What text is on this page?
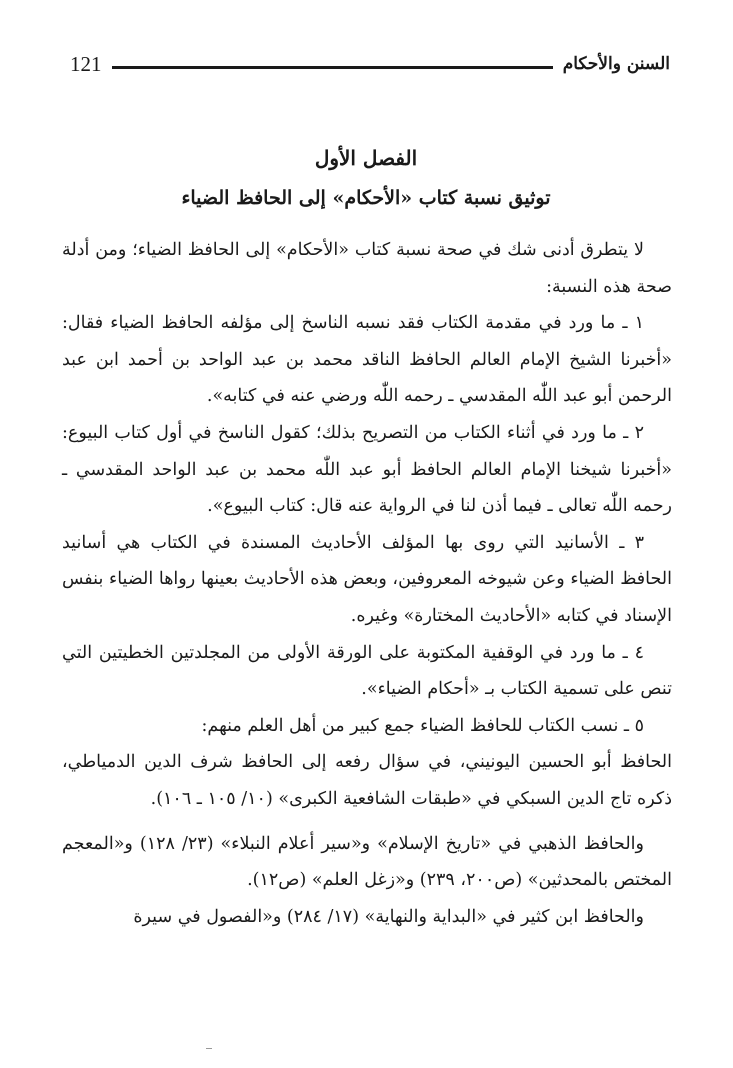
121	السنن والأحكام
الفصل الأول
توثيق نسبة كتاب «الأحكام» إلى الحافظ الضياء

لا يتطرق أدنى شك في صحة نسبة كتاب «الأحكام» إلى الحافظ الضياء؛ ومن أدلة صحة هذه النسبة:

١ ـ ما ورد في مقدمة الكتاب فقد نسبه الناسخ إلى مؤلفه الحافظ الضياء فقال: «أخبرنا الشيخ الإمام العالم الحافظ الناقد محمد بن عبد الواحد بن أحمد ابن عبد الرحمن أبو عبد اللّٰه المقدسي ـ رحمه اللّٰه ورضي عنه في كتابه».

٢ ـ ما ورد في أثناء الكتاب من التصريح بذلك؛ كقول الناسخ في أول كتاب البيوع: «أخبرنا شيخنا الإمام العالم الحافظ أبو عبد اللّٰه محمد بن عبد الواحد المقدسي ـ رحمه اللّٰه تعالى ـ فيما أذن لنا في الرواية عنه قال: كتاب البيوع».

٣ ـ الأسانيد التي روى بها المؤلف الأحاديث المسندة في الكتاب هي أسانيد الحافظ الضياء وعن شيوخه المعروفين، وبعض هذه الأحاديث بعينها رواها الضياء بنفس الإسناد في كتابه «الأحاديث المختارة» وغيره.

٤ ـ ما ورد في الوقفية المكتوبة على الورقة الأولى من المجلدتين الخطيتين التي تنص على تسمية الكتاب بـ «أحكام الضياء».

٥ ـ نسب الكتاب للحافظ الضياء جمع كبير من أهل العلم منهم:

الحافظ أبو الحسين اليونيني، في سؤال رفعه إلى الحافظ شرف الدين الدمياطي، ذكره تاج الدين السبكي في «طبقات الشافعية الكبرى» (١٠/ ١٠٥ ـ ١٠٦).

والحافظ الذهبي في «تاريخ الإسلام» و«سير أعلام النبلاء» (٢٣/ ١٢٨) و«المعجم المختص بالمحدثين» (ص٢٠٠، ٢٣٩) و«زغل العلم» (ص١٢).

والحافظ ابن كثير في «البداية والنهاية» (١٧/ ٢٨٤) و«الفصول في سيرة
